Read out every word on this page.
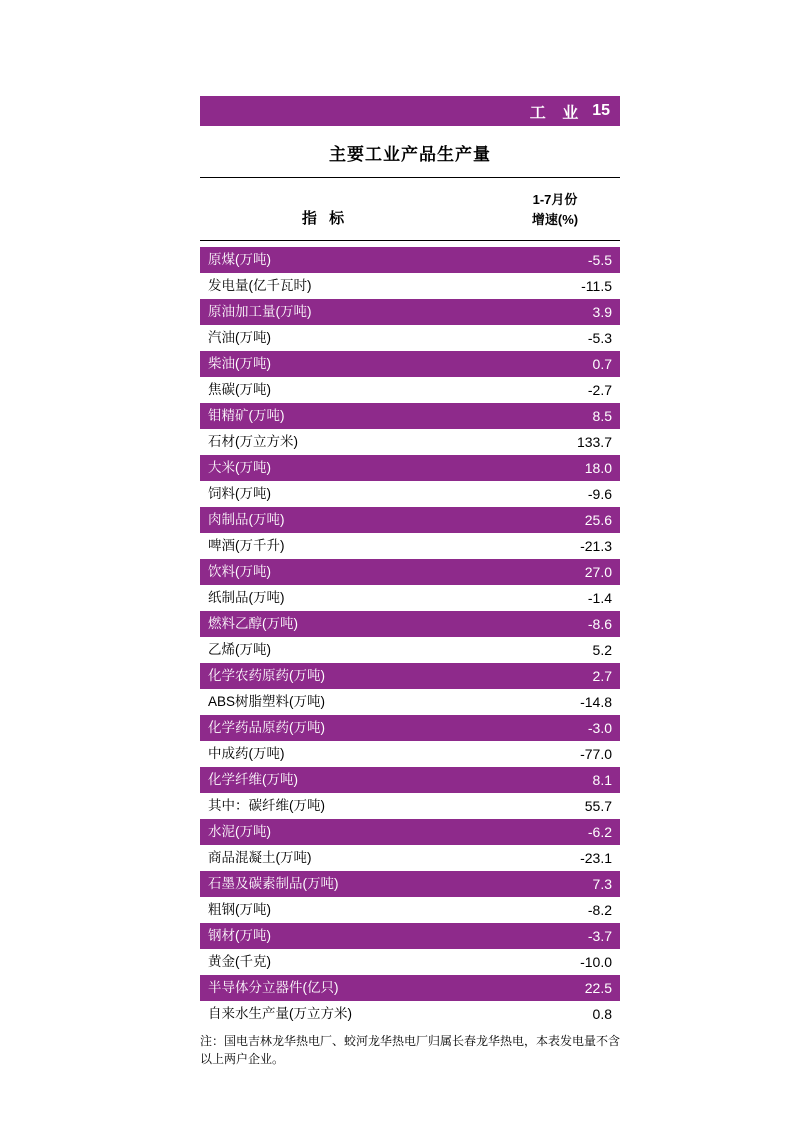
工 业 15
主要工业产品生产量
指 标
1-7月份
增速(%)
原煤(万吨)	-5.5
发电量(亿千瓦时)	-11.5
原油加工量(万吨)	3.9
汽油(万吨)	-5.3
柴油(万吨)	0.7
焦碳(万吨)	-2.7
钼精矿(万吨)	8.5
石材(万立方米)	133.7
大米(万吨)	18.0
饲料(万吨)	-9.6
肉制品(万吨)	25.6
啤酒(万千升)	-21.3
饮料(万吨)	27.0
纸制品(万吨)	-1.4
燃料乙醇(万吨)	-8.6
乙烯(万吨)	5.2
化学农药原药(万吨)	2.7
ABS树脂塑料(万吨)	-14.8
化学药品原药(万吨)	-3.0
中成药(万吨)	-77.0
化学纤维(万吨)	8.1
其中：碳纤维(万吨)	55.7
水泥(万吨)	-6.2
商品混凝土(万吨)	-23.1
石墨及碳素制品(万吨)	7.3
粗钢(万吨)	-8.2
钢材(万吨)	-3.7
黄金(千克)	-10.0
半导体分立器件(亿只)	22.5
自来水生产量(万立方米)	0.8
注：国电吉林龙华热电厂、蛟河龙华热电厂归属长春龙华热电，本表发电量不含以上两户企业。
